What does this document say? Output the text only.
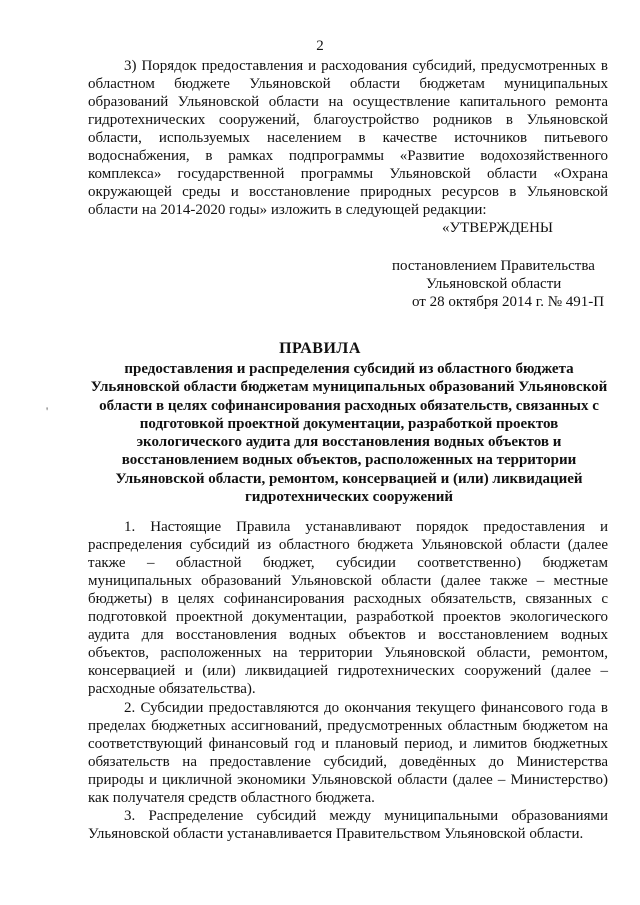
2

3) Порядок предоставления и расходования субсидий, предусмотренных в областном бюджете Ульяновской области бюджетам муниципальных образований Ульяновской области на осуществление капитального ремонта гидротехнических сооружений, благоустройство родников в Ульяновской области, используемых населением в качестве источников питьевого водоснабжения, в рамках подпрограммы «Развитие водохозяйственного комплекса» государственной программы Ульяновской области «Охрана окружающей среды и восстановление природных ресурсов в Ульяновской области на 2014-2020 годы» изложить в следующей редакции:

«УТВЕРЖДЕНЫ
постановлением Правительства
Ульяновской области
от 28 октября 2014 г. № 491-П
ПРАВИЛА
предоставления и распределения субсидий из областного бюджета Ульяновской области бюджетам муниципальных образований Ульяновской области в целях софинансирования расходных обязательств, связанных с подготовкой проектной документации, разработкой проектов экологического аудита для восстановления водных объектов и восстановлением водных объектов, расположенных на территории Ульяновской области, ремонтом, консервацией и (или) ликвидацией гидротехнических сооружений
'

1. Настоящие Правила устанавливают порядок предоставления и распределения субсидий из областного бюджета Ульяновской области (далее также – областной бюджет, субсидии соответственно) бюджетам муниципальных образований Ульяновской области (далее также – местные бюджеты) в целях софинансирования расходных обязательств, связанных с подготовкой проектной документации, разработкой проектов экологического аудита для восстановления водных объектов и восстановлением водных объектов, расположенных на территории Ульяновской области, ремонтом, консервацией и (или) ликвидацией гидротехнических сооружений (далее – расходные обязательства).

2. Субсидии предоставляются до окончания текущего финансового года в пределах бюджетных ассигнований, предусмотренных областным бюджетом на соответствующий финансовый год и плановый период, и лимитов бюджетных обязательств на предоставление субсидий, доведённых до Министерства природы и цикличной экономики Ульяновской области (далее – Министерство) как получателя средств областного бюджета.

3. Распределение субсидий между муниципальными образованиями Ульяновской области устанавливается Правительством Ульяновской области.
